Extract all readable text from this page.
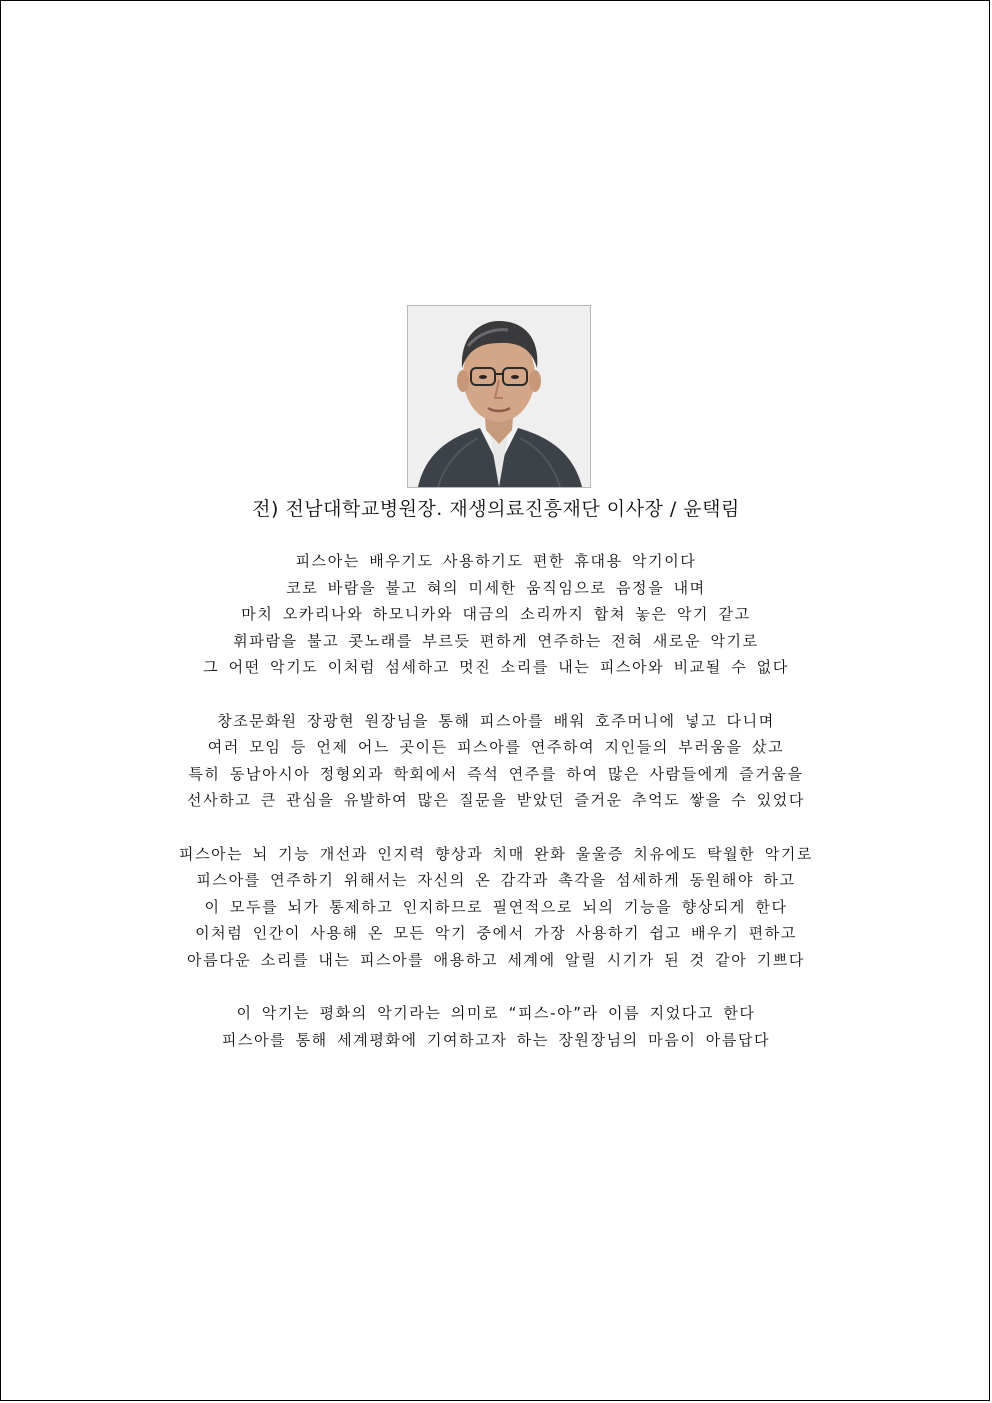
전) 전남대학교병원장. 재생의료진흥재단 이사장 / 윤택림
피스아는 배우기도 사용하기도 편한 휴대용 악기이다
코로 바람을 불고 혀의 미세한 움직임으로 음정을 내며
마치 오카리나와 하모니카와 대금의 소리까지 합쳐 놓은 악기 같고
휘파람을 불고 콧노래를 부르듯 편하게 연주하는 전혀 새로운 악기로
그 어떤 악기도 이처럼 섬세하고 멋진 소리를 내는 피스아와 비교될 수 없다
창조문화원 장광현 원장님을 통해 피스아를 배워 호주머니에 넣고 다니며
여러 모임 등 언제 어느 곳이든 피스아를 연주하여 지인들의 부러움을 샀고
특히 동남아시아 정형외과 학회에서 즉석 연주를 하여 많은 사람들에게 즐거움을
선사하고 큰 관심을 유발하여 많은 질문을 받았던 즐거운 추억도 쌓을 수 있었다
피스아는 뇌 기능 개선과 인지력 향상과 치매 완화 울울증 치유에도 탁월한 악기로
피스아를 연주하기 위해서는 자신의 온 감각과 촉각을 섬세하게 동원해야 하고
이 모두를 뇌가 통제하고 인지하므로 필연적으로 뇌의 기능을 향상되게 한다
이처럼 인간이 사용해 온 모든 악기 중에서 가장 사용하기 쉽고 배우기 편하고
아름다운 소리를 내는 피스아를 애용하고 세계에 알릴 시기가 된 것 같아 기쁘다
이 악기는 평화의 악기라는 의미로 “피스-아”라 이름 지었다고 한다
피스아를 통해 세계평화에 기여하고자 하는 장원장님의 마음이 아름답다
